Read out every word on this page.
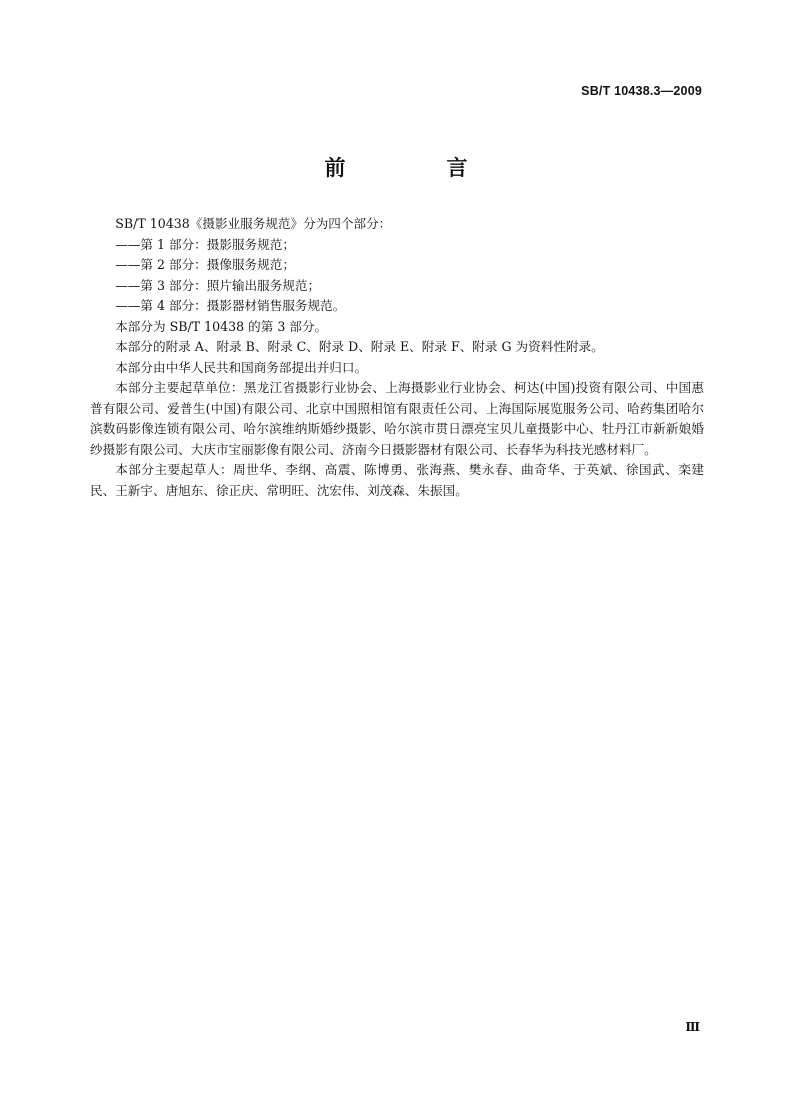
SB/T 10438.3—2009
前　言

SB/T 10438《摄影业服务规范》分为四个部分：

——第 1 部分：摄影服务规范；

——第 2 部分：摄像服务规范；

——第 3 部分：照片输出服务规范；

——第 4 部分：摄影器材销售服务规范。

本部分为 SB/T 10438 的第 3 部分。

本部分的附录 A、附录 B、附录 C、附录 D、附录 E、附录 F、附录 G 为资料性附录。

本部分由中华人民共和国商务部提出并归口。

本部分主要起草单位：黑龙江省摄影行业协会、上海摄影业行业协会、柯达(中国)投资有限公司、中国惠普有限公司、爱普生(中国)有限公司、北京中国照相馆有限责任公司、上海国际展览服务公司、哈药集团哈尔滨数码影像连锁有限公司、哈尔滨维纳斯婚纱摄影、哈尔滨市贯日漂亮宝贝儿童摄影中心、牡丹江市新新娘婚纱摄影有限公司、大庆市宝丽影像有限公司、济南今日摄影器材有限公司、长春华为科技光感材料厂。

本部分主要起草人：周世华、李纲、高震、陈博勇、张海燕、樊永春、曲奇华、于英斌、徐国武、栾建民、王新宇、唐旭东、徐正庆、常明旺、沈宏伟、刘茂森、朱振国。

Ⅲ
